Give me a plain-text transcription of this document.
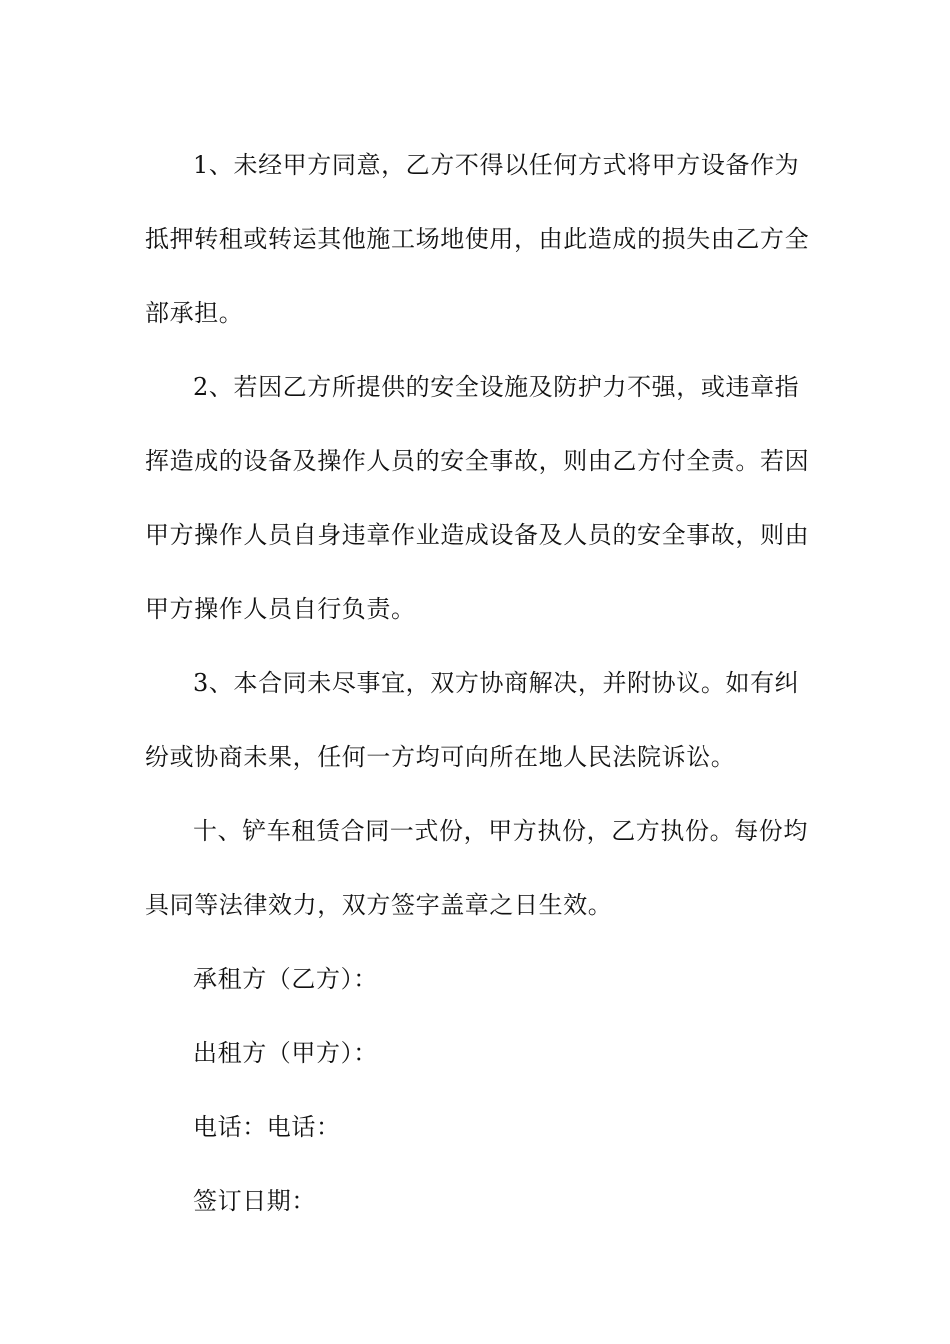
1、未经甲方同意，乙方不得以任何方式将甲方设备作为抵押转租或转运其他施工场地使用，由此造成的损失由乙方全部承担。

2、若因乙方所提供的安全设施及防护力不强，或违章指挥造成的设备及操作人员的安全事故，则由乙方付全责。若因甲方操作人员自身违章作业造成设备及人员的安全事故，则由甲方操作人员自行负责。

3、本合同未尽事宜，双方协商解决，并附协议。如有纠纷或协商未果，任何一方均可向所在地人民法院诉讼。

十、铲车租赁合同一式份，甲方执份，乙方执份。每份均具同等法律效力，双方签字盖章之日生效。

承租方（乙方）：

出租方（甲方）：

电话：电话：

签订日期：
